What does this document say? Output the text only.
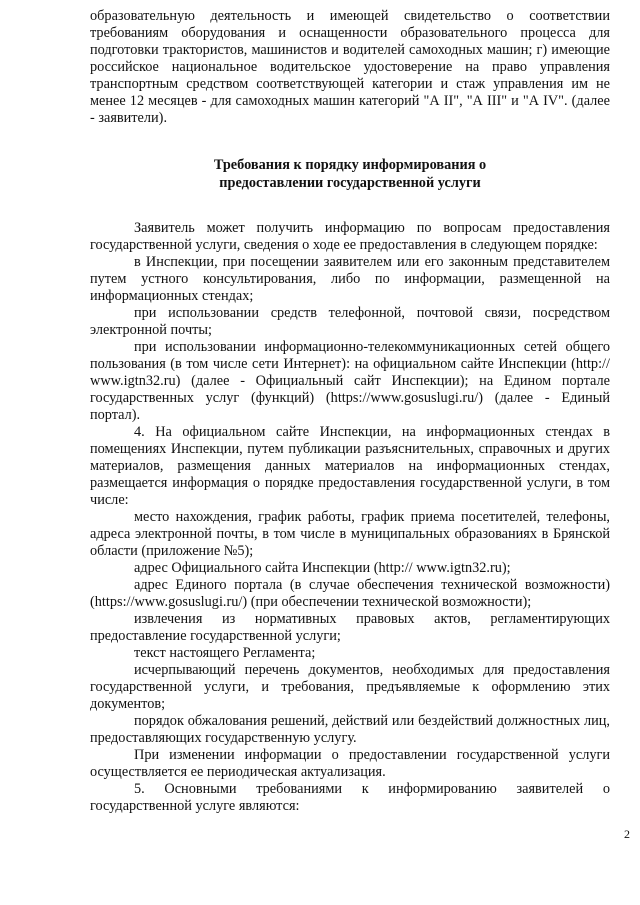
образовательную деятельность и имеющей свидетельство о соответствии требованиям оборудования и оснащенности образовательного процесса для подготовки трактористов, машинистов и водителей самоходных машин; г) имеющие российское национальное водительское удостоверение на право управления транспортным средством соответствующей категории и стаж управления им не менее 12 месяцев - для самоходных машин категорий "А II", "А III" и "А IV". (далее - заявители).

Требования к порядку информирования о
предоставлении государственной услуги

Заявитель может получить информацию по вопросам предоставления государственной услуги, сведения о ходе ее предоставления в следующем порядке:

в Инспекции, при посещении заявителем или его законным представителем путем устного консультирования, либо по информации, размещенной на информационных стендах;

при использовании средств телефонной, почтовой связи, посредством электронной почты;

при использовании информационно-телекоммуникационных сетей общего пользования (в том числе сети Интернет): на официальном сайте Инспекции (http:// www.igtn32.ru) (далее - Официальный сайт Инспекции); на Едином портале государственных услуг (функций) (https://www.gosuslugi.ru/) (далее - Единый портал).

4. На официальном сайте Инспекции, на информационных стендах в помещениях Инспекции, путем публикации разъяснительных, справочных и других материалов, размещения данных материалов на информационных стендах, размещается информация о порядке предоставления государственной услуги, в том числе:

место нахождения, график работы, график приема посетителей, телефоны, адреса электронной почты, в том числе в муниципальных образованиях в Брянской области (приложение №5);

адрес Официального сайта Инспекции (http:// www.igtn32.ru);

адрес Единого портала (в случае обеспечения технической возможности) (https://www.gosuslugi.ru/) (при обеспечении технической возможности);

извлечения из нормативных правовых актов, регламентирующих предоставление государственной услуги;

текст настоящего Регламента;

исчерпывающий перечень документов, необходимых для предоставления государственной услуги, и требования, предъявляемые к оформлению этих документов;

порядок обжалования решений, действий или бездействий должностных лиц, предоставляющих государственную услугу.

При изменении информации о предоставлении государственной услуги осуществляется ее периодическая актуализация.

5. Основными требованиями к информированию заявителей о государственной услуге являются:

2
